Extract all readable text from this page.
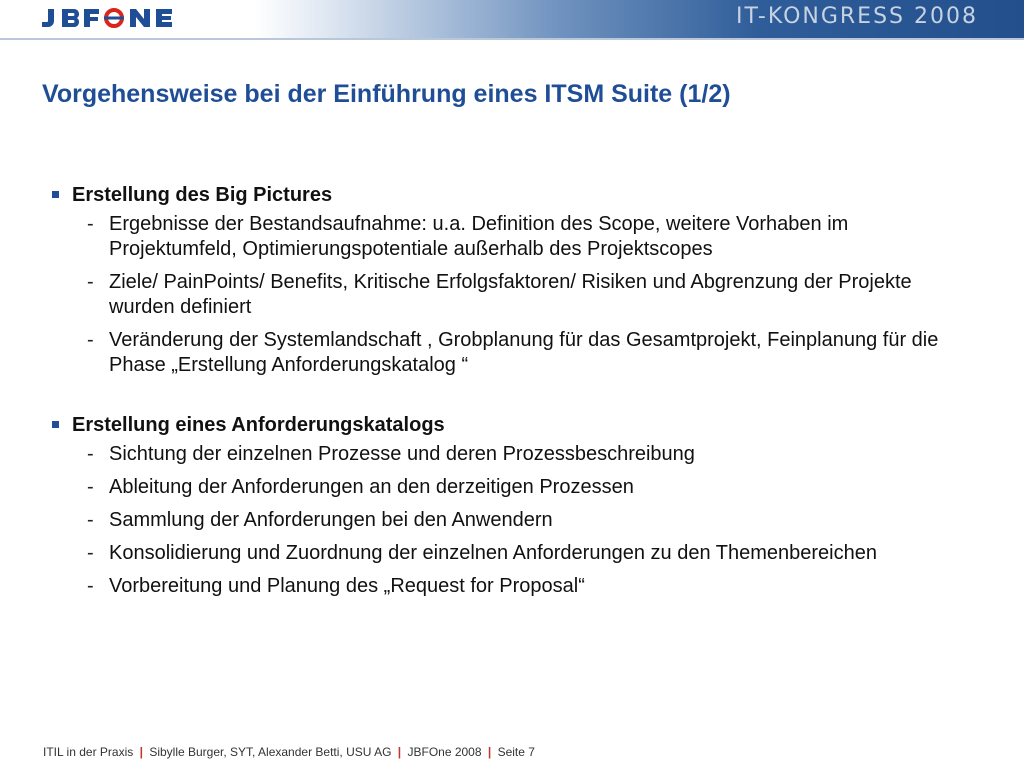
IT-KONGRESS 2008
Vorgehensweise bei der Einführung eines ITSM Suite (1/2)
Erstellung des Big Pictures
- Ergebnisse der Bestandsaufnahme: u.a. Definition des Scope, weitere Vorhaben im Projektumfeld, Optimierungspotentiale außerhalb des Projektscopes
- Ziele/ PainPoints/ Benefits, Kritische Erfolgsfaktoren/ Risiken und Abgrenzung der Projekte wurden definiert
- Veränderung der Systemlandschaft , Grobplanung für das Gesamtprojekt, Feinplanung für die Phase „Erstellung Anforderungskatalog “
Erstellung eines Anforderungskatalogs
- Sichtung der einzelnen Prozesse und deren Prozessbeschreibung
- Ableitung der Anforderungen an den derzeitigen Prozessen
- Sammlung der Anforderungen bei den Anwendern
- Konsolidierung und Zuordnung der einzelnen Anforderungen zu den Themenbereichen
- Vorbereitung und Planung des „Request for Proposal“
ITIL in der Praxis | Sibylle Burger, SYT, Alexander Betti, USU AG | JBFOne 2008 | Seite 7
